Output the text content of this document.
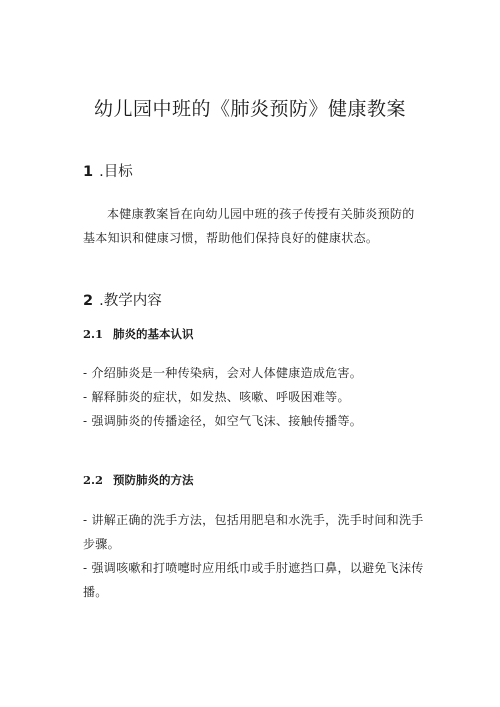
幼儿园中班的《肺炎预防》健康教案
1 .目标
本健康教案旨在向幼儿园中班的孩子传授有关肺炎预防的基本知识和健康习惯，帮助他们保持良好的健康状态。
2 .教学内容
2.1 肺炎的基本认识
- 介绍肺炎是一种传染病，会对人体健康造成危害。
- 解释肺炎的症状，如发热、咳嗽、呼吸困难等。
- 强调肺炎的传播途径，如空气飞沫、接触传播等。
2.2 预防肺炎的方法
- 讲解正确的洗手方法，包括用肥皂和水洗手，洗手时间和洗手步骤。
- 强调咳嗽和打喷嚏时应用纸巾或手肘遮挡口鼻，以避免飞沫传播。
